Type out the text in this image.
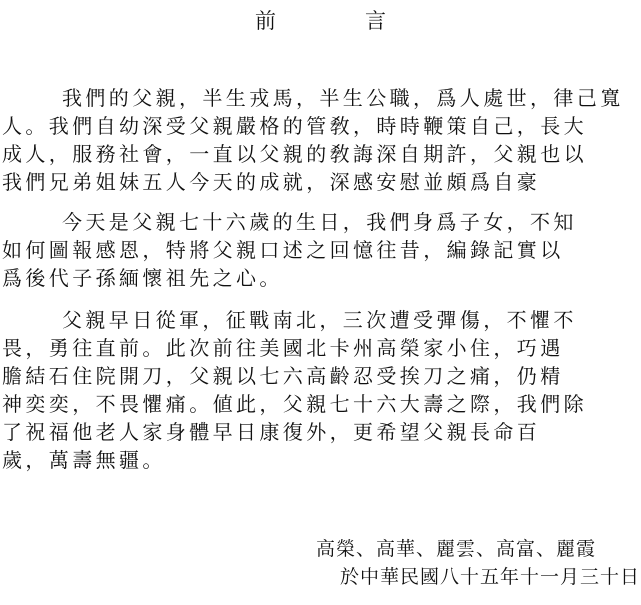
前　言
我們的父親，半生戎馬，半生公職，爲人處世，律己寬
人。我們自幼深受父親嚴格的管敎，時時鞭策自己，長大
成人，服務社會，一直以父親的敎誨深自期許，父親也以
我們兄弟姐妹五人今天的成就，深感安慰並頗爲自豪
今天是父親七十六歲的生日，我們身爲子女，不知
如何圖報感恩，特將父親口述之回憶往昔，編錄記實以
爲後代子孫緬懷祖先之心。
父親早日從軍，征戰南北，三次遭受彈傷，不懼不
畏，勇往直前。此次前往美國北卡州高榮家小住，巧遇
膽結石住院開刀，父親以七六高齡忍受挨刀之痛，仍精
神奕奕，不畏懼痛。値此，父親七十六大壽之際，我們除
了祝福他老人家身體早日康復外，更希望父親長命百
歲，萬壽無疆。
高榮、高華、麗雲、高富、麗霞
於中華民國八十五年十一月三十日
